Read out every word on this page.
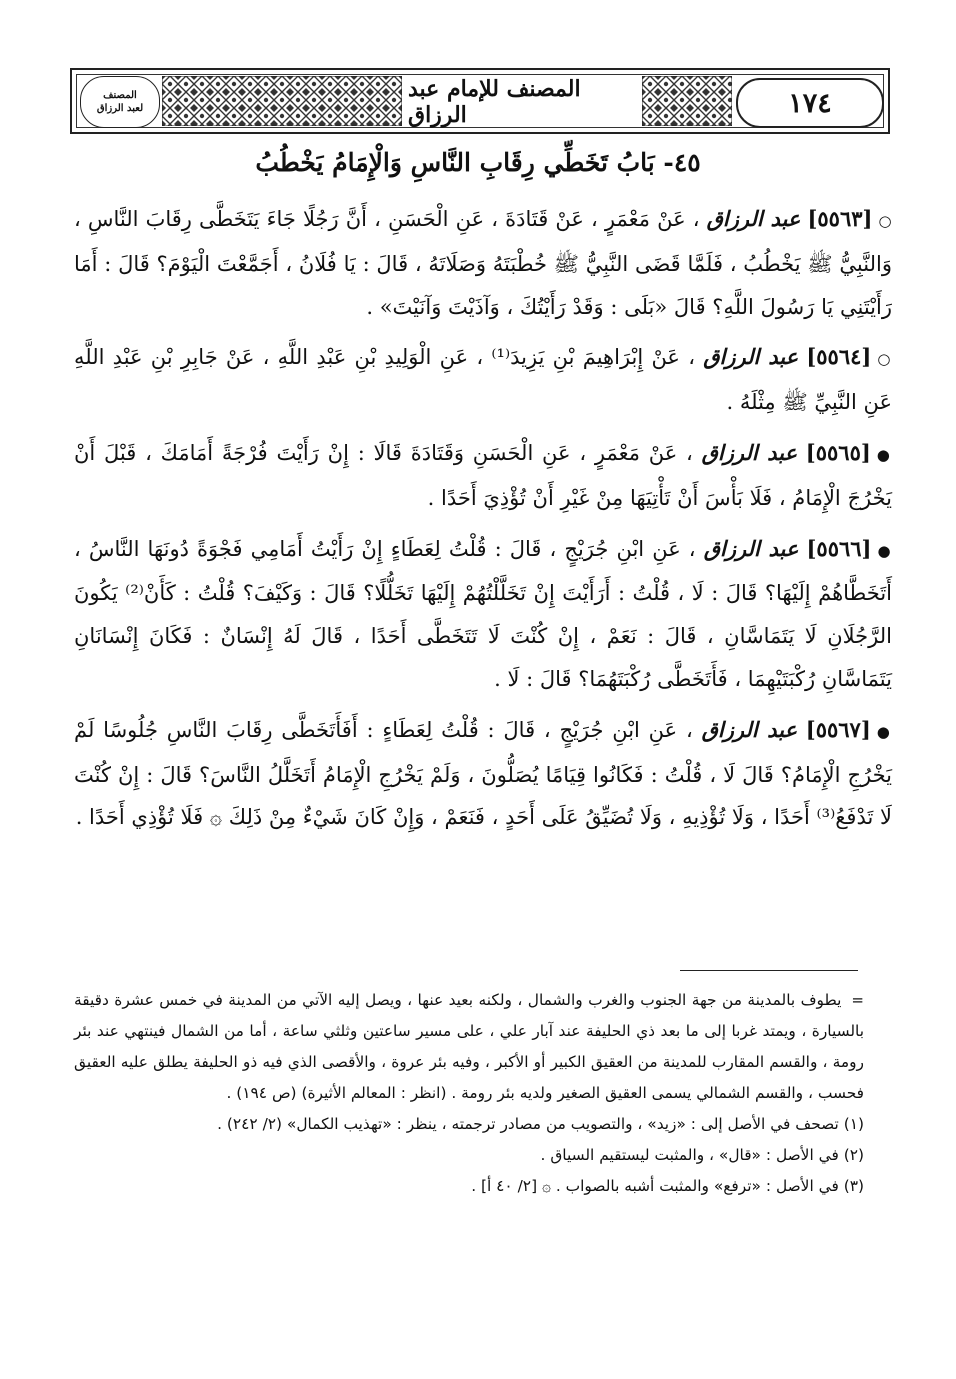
المصنف
لعبد الرزاق
المصنف للإمام عبد الرزاق	١٧٤
٤٥- بَابُ تَخَطِّي رِقَابِ النَّاسِ وَالْإِمَامُ يَخْطُبُ

○[٥٥٦٣] عبد الرزاق ، عَنْ مَعْمَرٍ ، عَنْ قَتَادَةَ ، عَنِ الْحَسَنِ ، أَنَّ رَجُلًا جَاءَ يَتَخَطَّى رِقَابَ النَّاسِ ، وَالنَّبِيُّ ﷺ يَخْطُبُ ، فَلَمَّا قَضَى النَّبِيُّ ﷺ خُطْبَتَهُ وَصَلَاتَهُ ، قَالَ : يَا فُلَانُ ، أَجَمَّعْتَ الْيَوْمَ؟ قَالَ : أَمَا رَأَيْتَنِي يَا رَسُولَ اللَّهِ؟ قَالَ «بَلَى : وَقَدْ رَأَيْتُكَ ، وَآذَيْتَ وَآنَيْتَ» .

○[٥٥٦٤] عبد الرزاق ، عَنْ إِبْرَاهِيمَ بْنِ يَزِيدَ⁽¹⁾ ، عَنِ الْوَلِيدِ بْنِ عَبْدِ اللَّهِ ، عَنْ جَابِرِ بْنِ عَبْدِ اللَّهِ عَنِ النَّبِيِّ ﷺ مِثْلَهُ .

●[٥٥٦٥] عبد الرزاق ، عَنْ مَعْمَرٍ ، عَنِ الْحَسَنِ وَقَتَادَةَ قَالَا : إِنْ رَأَيْتَ فُرْجَةً أَمَامَكَ ، قَبْلَ أَنْ يَخْرُجَ الْإِمَامُ ، فَلَا بَأْسَ أَنْ تَأْتِيَهَا مِنْ غَيْرِ أَنْ تُؤْذِيَ أَحَدًا .

●[٥٥٦٦] عبد الرزاق ، عَنِ ابْنِ جُرَيْجٍ ، قَالَ : قُلْتُ لِعَطَاءٍ إِنْ رَأَيْتُ أَمَامِي فَجْوَةً دُونَهَا النَّاسُ ، أَتَخَطَّاهُمْ إِلَيْهَا؟ قَالَ : لَا ، قُلْتُ : أَرَأَيْتَ إِنْ تَخَلَّلْتُهُمْ إِلَيْهَا تَخَلُّلًا؟ قَالَ : وَكَيْفَ؟ قُلْتُ : كَأَنْ⁽²⁾ يَكُونَ الرَّجُلَانِ لَا يَتَمَاسَّانِ ، قَالَ : نَعَمْ ، إِنْ كُنْتَ لَا تَتَخَطَّى أَحَدًا ، قَالَ لَهُ إِنْسَانٌ : فَكَانَ إِنْسَانَانِ يَتَمَاسَّانِ رُكْبَتَيْهِمَا ، فَأَتَخَطَّى رُكْبَتَهُمَا؟ قَالَ : لَا .

●[٥٥٦٧] عبد الرزاق ، عَنِ ابْنِ جُرَيْجٍ ، قَالَ : قُلْتُ لِعَطَاءٍ : أَفَأَتَخَطَّى رِقَابَ النَّاسِ جُلُوسًا لَمْ يَخْرُجِ الْإِمَامُ؟ قَالَ لَا ، قُلْتُ : فَكَانُوا قِيَامًا يُصَلُّونَ ، وَلَمْ يَخْرُجِ الْإِمَامُ أَتَخَلَّلُ النَّاسَ؟ قَالَ : إِنْ كُنْتَ لَا تَدْفَعُ⁽³⁾ أَحَدًا ، وَلَا تُؤْذِيهِ ، وَلَا تُضَيِّقُ عَلَى أَحَدٍ ، فَنَعَمْ ، وَإِنْ كَانَ شَيْءٌ مِنْ ذَلِكَ ۞ فَلَا تُؤْذِي أَحَدًا .

=يطوف بالمدينة من جهة الجنوب والغرب والشمال ، ولكنه بعيد عنها ، ويصل إليه الآتي من المدينة في خمس عشرة دقيقة بالسيارة ، ويمتد غربا إلى ما بعد ذي الحليفة عند آبار علي ، على مسير ساعتين وثلثي ساعة ، أما من الشمال فينتهي عند بئر رومة ، والقسم المقارب للمدينة من العقيق الكبير أو الأكبر ، وفيه بئر عروة ، والأقصى الذي فيه ذو الحليفة يطلق عليه العقيق فحسب ، والقسم الشمالي يسمى العقيق الصغير ولديه بئر رومة . (انظر : المعالم الأثيرة) (ص ١٩٤) .

(١) تصحف في الأصل إلى : «زيد» ، والتصويب من مصادر ترجمته ، ينظر : «تهذيب الكمال» (٢/ ٢٤٢) .

(٢) في الأصل : «قال» ، والمثبت ليستقيم السياق .

(٣) في الأصل : «ترفع» والمثبت أشبه بالصواب . ۞ [٢/ ٤٠ أ] .
